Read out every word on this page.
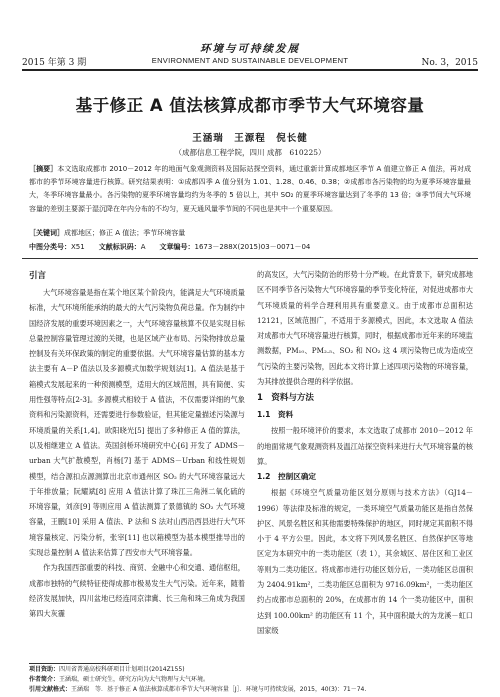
环境与可持续发展
2015 年第 3 期	ENVIRONMENT AND SUSTAINABLE DEVELOPMENT	No. 3，2015
基于修正 A 值法核算成都市季节大气环境容量
王涵瑞　王源程　倪长健
（成都信息工程学院，四川 成都　610225）
［摘要］本文选取成都市 2010－2012 年的地面气象观测资料及国际站探空资料，通过重新计算成都地区季节 A 值建立修正 A 值法，再对成都市的季节环境容量进行核算。研究结果表明：①成都四季 A 值分别为 1.01、1.28、0.46、0.38；②成都市各污染物的均为夏季环境容量最大，冬季环境容量最小。各污染物的夏季环境容量均约为冬季的 5 倍以上，其中 SO₂ 的夏季环境容量达到了冬季的 13 倍；③季节间大气环境容量的差别主要源于湿沉降在年内分布的不均匀，夏天通风量季节间的不同也是其中一个重要原因。
［关键词］成都地区；修正 A 值法；季节环境容量
中图分类号：X51 文献标识码：A 文章编号：1673－288X(2015)03－0071－04
引言

大气环境容量是指在某个地区某个阶段内，能满足大气环境质量标准，大气环境所能承纳的最大的大气污染物负荷总量。作为制约中国经济发展的重要环境因素之一，大气环境容量核算不仅是实现目标总量控制容量管理过渡的关键，也是区域产业布局、污染物排放总量控制及有关环保政策的制定的重要依据。大气环境容量估算的基本方法主要有 A－P 值法以及多源模式加数学规划法[1]。A 值法是基于箱模式发展起来的一种预测模型，适用大的区域范围，具有简便、实用性强等特点[2-3]。多源模式相较于 A 值法，不仅需要详细的气象资料和污染源资料，还需要进行参数验证，但其能定量描述污染源与环境质量的关系[1,4]。欧阳晓光[5] 提出了多种修正 A 值的算法，以及相继建立 A 值法。英国剑桥环境研究中心[6] 开发了 ADMS－urban 大气扩散模型，肖杨[7] 基于 ADMS－Urban 和线性规划模型，结合源扣点源测算出北京市通州区 SO₂ 的大气环境容量远大于年排放量；阮耀斌[8] 应用 A 值法计算了珠江三角洲二氧化硫的环境容量，刘彦[9] 等则应用 A 值法测算了景德镇的 SO₂ 大气环境容量，王鹏[10] 采用 A 值法、P 法和 S 法对山西沿西县进行大气环境容量核定、污染分析，张宰[11] 也以箱模型为基本模型推导出的实现总量控制 A 值法来估算了西安市大气环境容量。

作为我国西部重要的科技、商贸、金融中心和交通、通信枢纽，成都市独特的气候特征使得成都市极易发生大气污染。近年来，随着经济发展加快，四川盆地已经连同京津冀、长三角和珠三角成为我国第四大灰霾

的高发区，大气污染防治的形势十分严峻。在此背景下，研究成都地区不同季节各污染物大气环境容量的季节变化特征，对促进成都市大气环境质量的科学合理利用具有重要意义。由于成都市总面积达 12121，区域范围广，不适用于多源模式，因此，本文选取 A 值法对成都市大气环境容量进行核算，同时，根据成都市近年来的环境监测数据，PM₁₀、PM₂.₅、SO₂ 和 NO₂ 这 4 项污染物已成为造成空气污染的主要污染物，因此本文将计算上述四项污染物的环境容量，为其排放提供合理的科学依据。

1　资料与方法
1.1　资料

按照一般环境评价的要求，本文选取了成都市 2010－2012 年的地面常规气象观测资料及温江站探空资料来进行大气环境容量的核算。

1.2　控制区确定

根据《环境空气质量功能区划分原则与技术方法》（GJ14－1996）等法律及标准的规定，一类环境空气质量功能区是指自然保护区、风景名胜区和其他需要特殊保护的地区，同时规定其面积不得小于 4 平方公里。因此，本文将下列风景名胜区、自然保护区等地区定为本研究中的一类功能区（表 1），其余城区、居住区和工业区等则为二类功能区。将成都市进行功能区划分后，一类功能区总面积为 2404.91km²，二类功能区总面积为 9716.09km²，一类功能区约占成都市总面积的 20%，在成都市的 14 个一类功能区中，面积达到 100.00km² 的功能区有 11 个，其中面积最大的为龙溪－虹口国家级

项目资助：四川省普通高校科研项目计划项目(2014Z155)
作者简介：王涵瑞，硕士研究生，研究方向为大气物理与大气环境。
引用文献格式：王涵瑞　等．基于修正 A 值法核算成都市季节大气环境容量［J］．环境与可持续发展，2015，40(3)：71－74.
